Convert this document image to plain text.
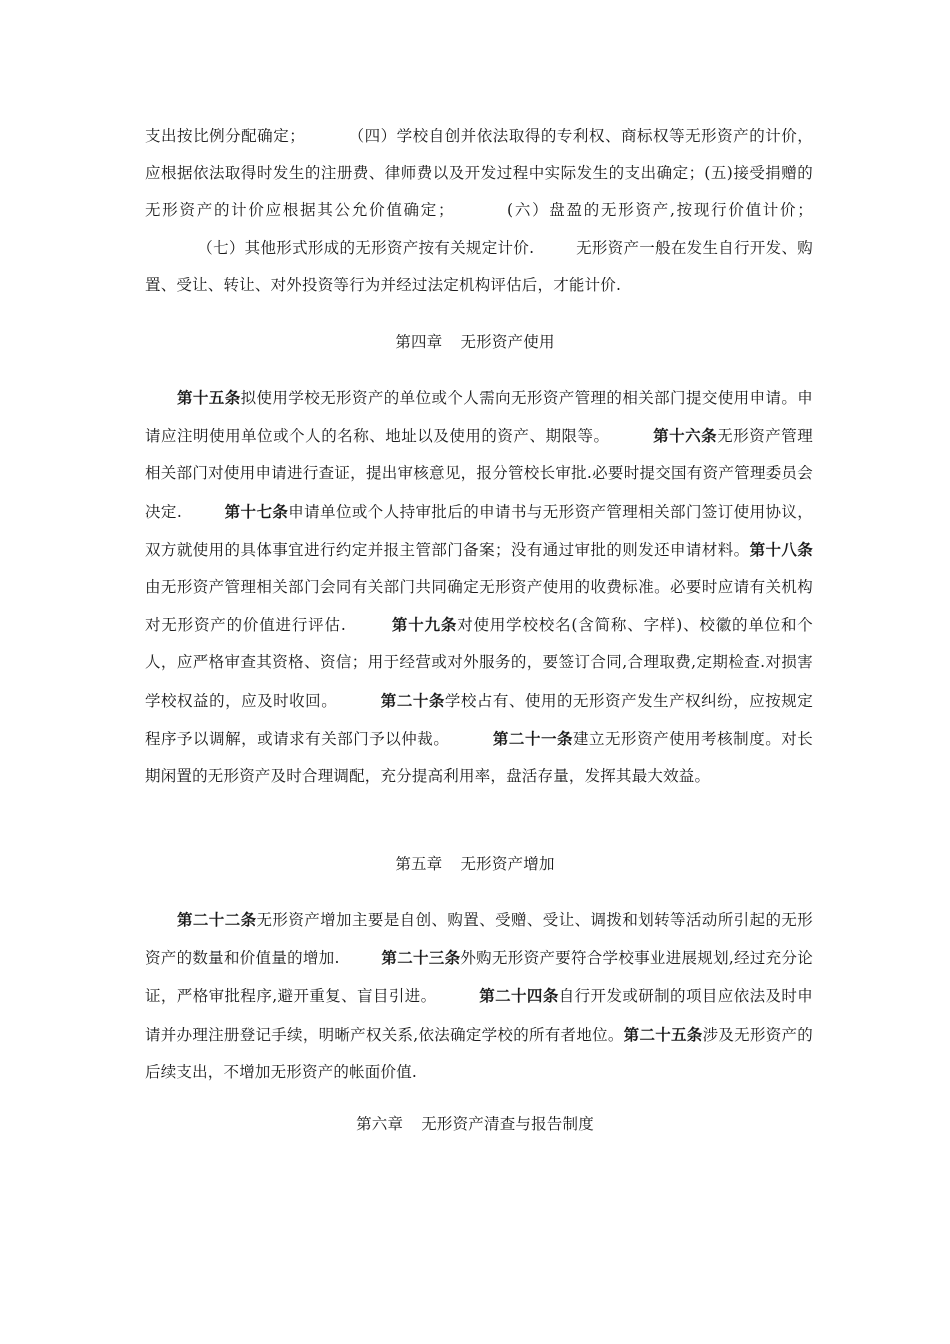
支出按比例分配确定；	（四）学校自创并依法取得的专利权、商标权等无形资产的计价，应根据依法取得时发生的注册费、律师费以及开发过程中实际发生的支出确定；(五)接受捐赠的无形资产的计价应根据其公允价值确定；	(六）盘盈的无形资产,按现行价值计价；          （七）其他形式形成的无形资产按有关规定计价.	无形资产一般在发生自行开发、购置、受让、转让、对外投资等行为并经过法定机构评估后，才能计价.

第四章 无形资产使用

第十五条拟使用学校无形资产的单位或个人需向无形资产管理的相关部门提交使用申请。申请应注明使用单位或个人的名称、地址以及使用的资产、期限等。	第十六条无形资产管理相关部门对使用申请进行查证，提出审核意见，报分管校长审批.必要时提交国有资产管理委员会决定.	第十七条申请单位或个人持审批后的申请书与无形资产管理相关部门签订使用协议，双方就使用的具体事宜进行约定并报主管部门备案；没有通过审批的则发还申请材料。第十八条由无形资产管理相关部门会同有关部门共同确定无形资产使用的收费标准。必要时应请有关机构对无形资产的价值进行评估.	第十九条对使用学校校名(含简称、字样)、校徽的单位和个人，应严格审查其资格、资信；用于经营或对外服务的，要签订合同,合理取费,定期检查.对损害学校权益的，应及时收回。	第二十条学校占有、使用的无形资产发生产权纠纷，应按规定程序予以调解，或请求有关部门予以仲裁。	第二十一条建立无形资产使用考核制度。对长期闲置的无形资产及时合理调配，充分提高利用率，盘活存量，发挥其最大效益。

第五章 无形资产增加

第二十二条无形资产增加主要是自创、购置、受赠、受让、调拨和划转等活动所引起的无形资产的数量和价值量的增加.	第二十三条外购无形资产要符合学校事业进展规划,经过充分论证，严格审批程序,避开重复、盲目引进。	第二十四条自行开发或研制的项目应依法及时申请并办理注册登记手续，明晰产权关系,依法确定学校的所有者地位。第二十五条涉及无形资产的后续支出，不增加无形资产的帐面价值.

第六章 无形资产清查与报告制度
